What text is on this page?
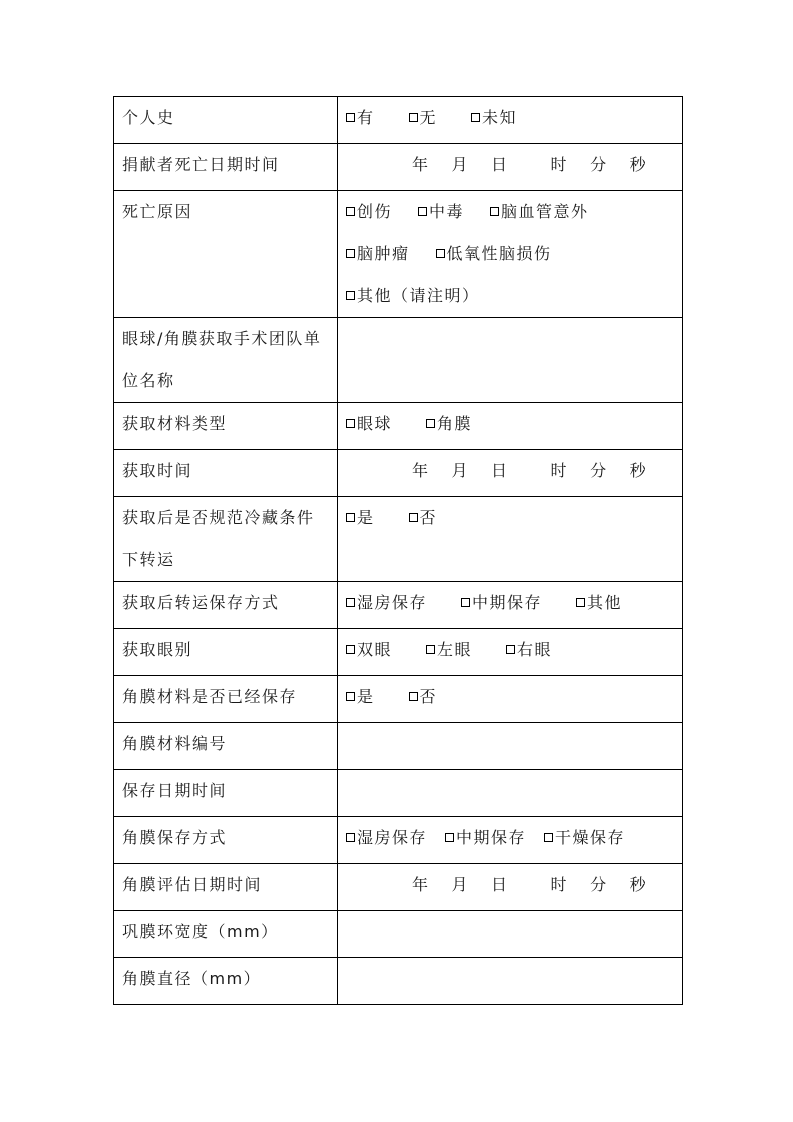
个人史	有 无 未知
捐献者死亡日期时间	年 月 日 时 分 秒

死亡原因	创伤 中毒 脑血管意外
脑肿瘤 低氧性脑损伤
其他（请注明）
眼球/角膜获取手术团队单位名称	
获取材料类型	眼球 角膜
获取时间	年 月 日 时 分 秒

获取后是否规范冷藏条件下转运	是 否
获取后转运保存方式	湿房保存 中期保存 其他
获取眼别	双眼 左眼 右眼
角膜材料是否已经保存	是 否
角膜材料编号	
保存日期时间	
角膜保存方式	湿房保存 中期保存 干燥保存
角膜评估日期时间	年 月 日 时 分 秒

巩膜环宽度（mm）	
角膜直径（mm）	
